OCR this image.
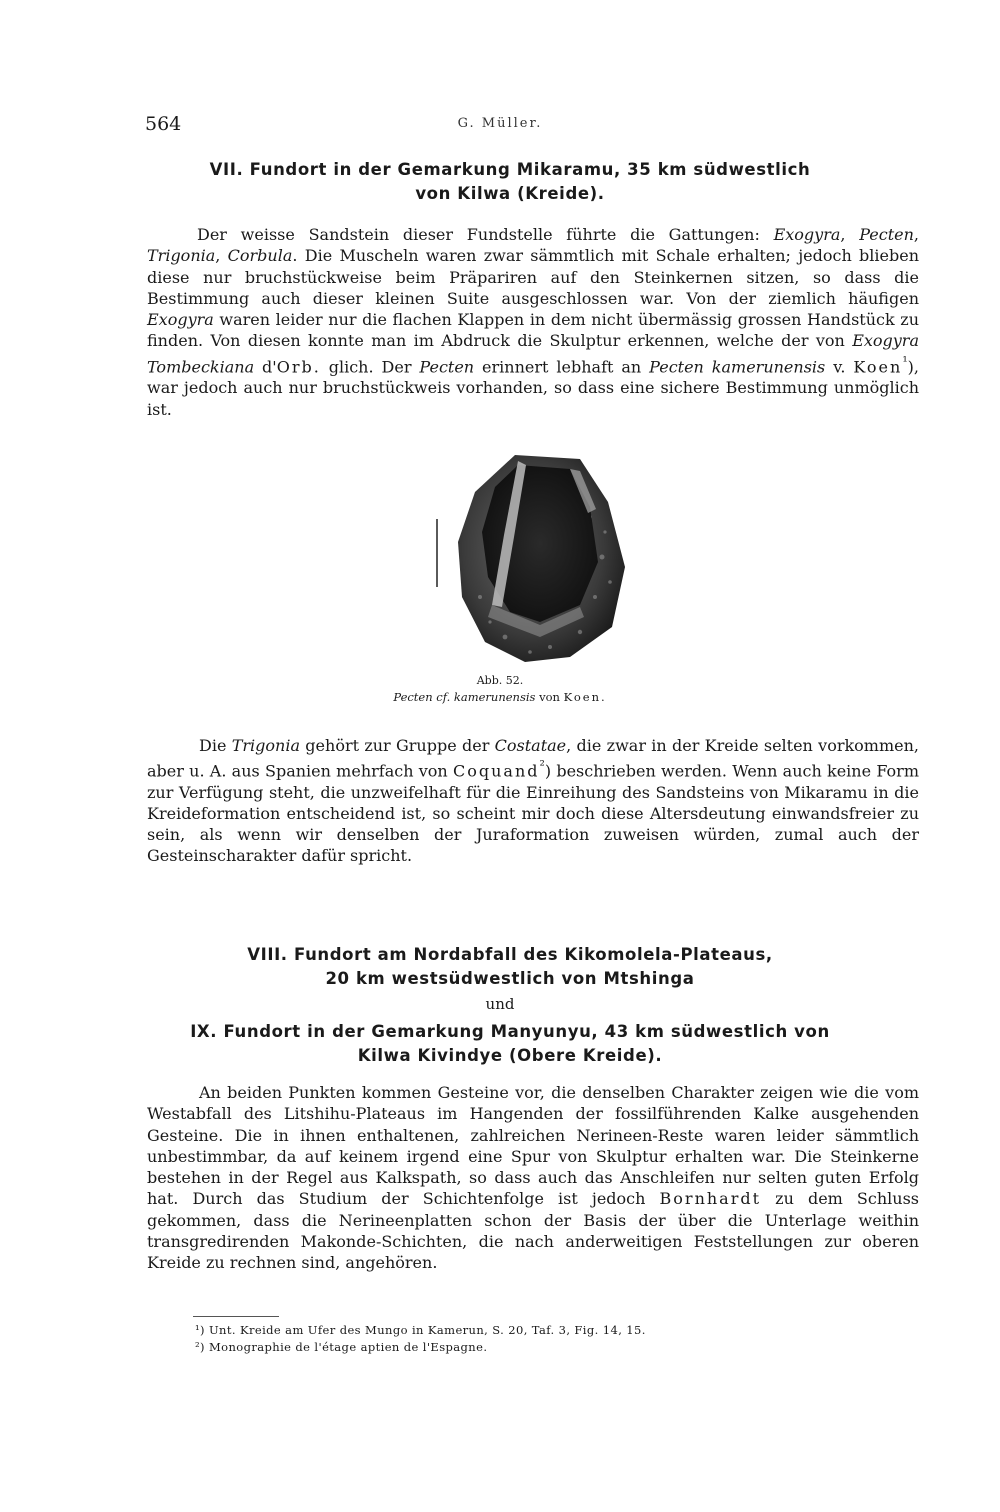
564	G. Müller.
VII. Fundort in der Gemarkung Mikaramu, 35 km südwestlich
von Kilwa (Kreide).

Der weisse Sandstein dieser Fundstelle führte die Gattungen: Exogyra, Pecten, Trigonia, Corbula. Die Muscheln waren zwar sämmtlich mit Schale erhalten; jedoch blieben diese nur bruchstückweise beim Präpariren auf den Steinkernen sitzen, so dass die Bestimmung auch dieser kleinen Suite ausgeschlossen war. Von der ziemlich häufigen Exogyra waren leider nur die flachen Klappen in dem nicht übermässig grossen Handstück zu finden. Von diesen konnte man im Abdruck die Skulptur erkennen, welche der von Exogyra Tombeckiana d'Orb. glich. Der Pecten erinnert lebhaft an Pecten kamerunensis v. Koen$^{^1}$), war jedoch auch nur bruchstückweis vorhanden, so dass eine sichere Bestimmung unmöglich ist.

Abb. 52.
Pecten cf. kamerunensis von Koen.

Die Trigonia gehört zur Gruppe der Costatae, die zwar in der Kreide selten vorkommen, aber u. A. aus Spanien mehrfach von Coquand$^{^2}$) beschrieben werden. Wenn auch keine Form zur Verfügung steht, die unzweifelhaft für die Einreihung des Sandsteins von Mikaramu in die Kreideformation entscheidend ist, so scheint mir doch diese Altersdeutung einwandsfreier zu sein, als wenn wir denselben der Juraformation zuweisen würden, zumal auch der Gesteinscharakter dafür spricht.

VIII. Fundort am Nordabfall des Kikomolela-Plateaus,
20 km westsüdwestlich von Mtshinga
und
IX. Fundort in der Gemarkung Manyunyu, 43 km südwestlich von
Kilwa Kivindye (Obere Kreide).

An beiden Punkten kommen Gesteine vor, die denselben Charakter zeigen wie die vom Westabfall des Litshihu-Plateaus im Hangenden der fossilführenden Kalke ausgehenden Gesteine. Die in ihnen enthaltenen, zahlreichen Nerineen-Reste waren leider sämmtlich unbestimmbar, da auf keinem irgend eine Spur von Skulptur erhalten war. Die Steinkerne bestehen in der Regel aus Kalkspath, so dass auch das Anschleifen nur selten guten Erfolg hat. Durch das Studium der Schichtenfolge ist jedoch Bornhardt zu dem Schluss gekommen, dass die Nerineenplatten schon der Basis der über die Unterlage weithin transgredirenden Makonde-Schichten, die nach anderweitigen Feststellungen zur oberen Kreide zu rechnen sind, angehören.

¹) Unt. Kreide am Ufer des Mungo in Kamerun, S. 20, Taf. 3, Fig. 14, 15.
²) Monographie de l'étage aptien de l'Espagne.
